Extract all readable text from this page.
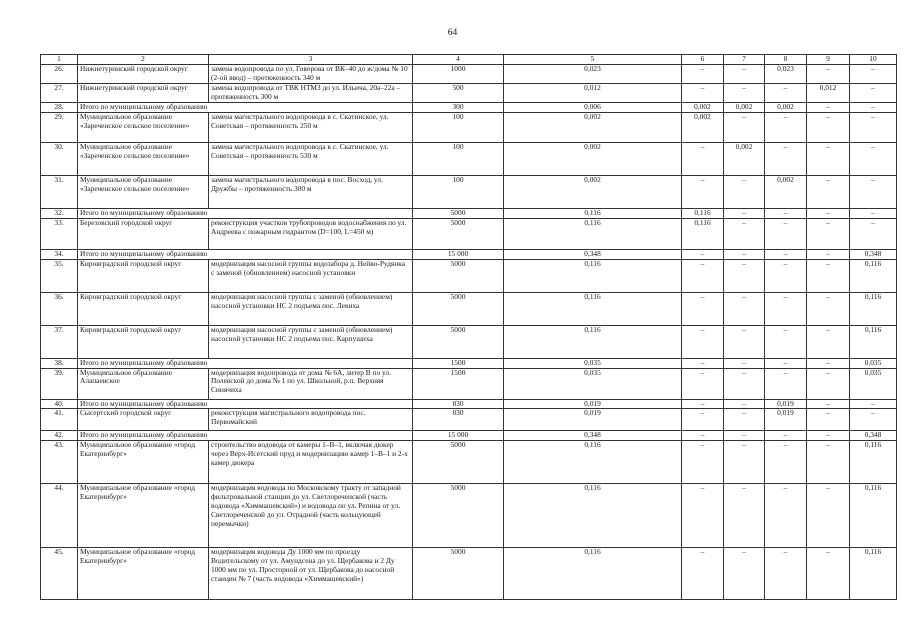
64
1	2	3	4	5	6	7	8	9	10
26.	Нижнетуринский городской округ	замена водопровода по ул. Говорова от ВК–40 до ж/дома № 10 (2-ой ввод) – протяженность 340 м	1000	0,023	–	–	0,023	–	–
27.	Нижнетуринский городской округ	замена водопровода от ТВК НТМЗ до ул. Ильича, 20а–22а – протяженность 300 м	500	0,012	–	–	–	0,012	–
28.	Итого по муниципальному образованию		300	0,006	0,002	0,002	0,002	–	–
29.	Муниципальное образование «Зареченское сельское поселение»	замена магистрального водопровода в с. Скатинское, ул. Советская – протяженность 250 м	100	0,002	0,002	–	–	–	–
30.	Муниципальное образование «Зареченское сельское поселение»	замена магистрального водопровода в с. Скатинское, ул. Советская – протяженность 530 м	100	0,002	–	0,002	–	–	–
31.	Муниципальное образование «Зареченское сельское поселение»	замена магистрального водопровода в пос. Восход, ул. Дружбы – протяженность 300 м	100	0,002	–	–	0,002	–	–
32.	Итого по муниципальному образованию		5000	0,116	0,116	–	–	–	–
33.	Березовский городской округ	реконструкция участков трубопроводов водоснабжения по ул. Андреева с пожарным гидрантом (D=100, L=450 м)	5000	0,116	0,116	–	–	–	–
34.	Итого по муниципальному образованию		15 000	0,348	–	–	–	–	0,348
35.	Кировградский городской округ	модернизация насосной группы водозабора д. Нейво-Рудянка с заменой (обновлением) насосной установки	5000	0,116	–	–	–	–	0,116
36.	Кировградский городской округ	модернизация насосной группы с заменой (обновлением) насосной установки НС 2 подъема пос. Левиха	5000	0,116	–	–	–	–	0,116
37.	Кировградский городской округ	модернизация насосной группы с заменой (обновлением) насосной установки НС 2 подъема пос. Карпушиха	5000	0,116	–	–	–	–	0,116
38.	Итого по муниципальному образованию		1500	0,035	–	–	–	–	0,035
39.	Муниципальное образование Алапаевское	модернизация водопровода от дома № 6А, литер В по ул. Полевской до дома № 1 по ул. Школьной, р.п. Верхняя Синячиха	1500	0,035	–	–	–	–	0,035
40.	Итого по муниципальному образованию		830	0,019	–	–	0,019	–	–
41.	Сысертский городской округ	реконструкция магистрального водопровода пос. Первомайский	830	0,019	–	–	0,019	–	–
42.	Итого по муниципальному образованию		15 000	0,348	–	–	–	–	0,348
43.	Муниципальное образование «город Екатеринбург»	строительство водовода от камеры 1–В–1, включая дюкер через Верх-Исетский пруд и модернизацию камер 1–В–1 и 2-х камер дюкера	5000	0,116	–	–	–	–	0,116
44.	Муниципальное образование «город Екатеринбург»	модернизация водовода по Московскому тракту от западной фильтровальной станции до ул. Светлореченской (часть водовода «Химмашевский») и водовода по ул. Репина от ул. Светлореченской до ул. Отрадной (часть кольцующей перемычки)	5000	0,116	–	–	–	–	0,116
45.	Муниципальное образование «город Екатеринбург»	модернизация водовода Ду 1000 мм по проезду Водительскому от ул. Амундсена до ул. Щербакова и 2 Ду 1000 мм по ул. Просторной от ул. Щербакова до насосной станции № 7 (часть водовода «Химмашевский»)	5000	0,116	–	–	–	–	0,116
